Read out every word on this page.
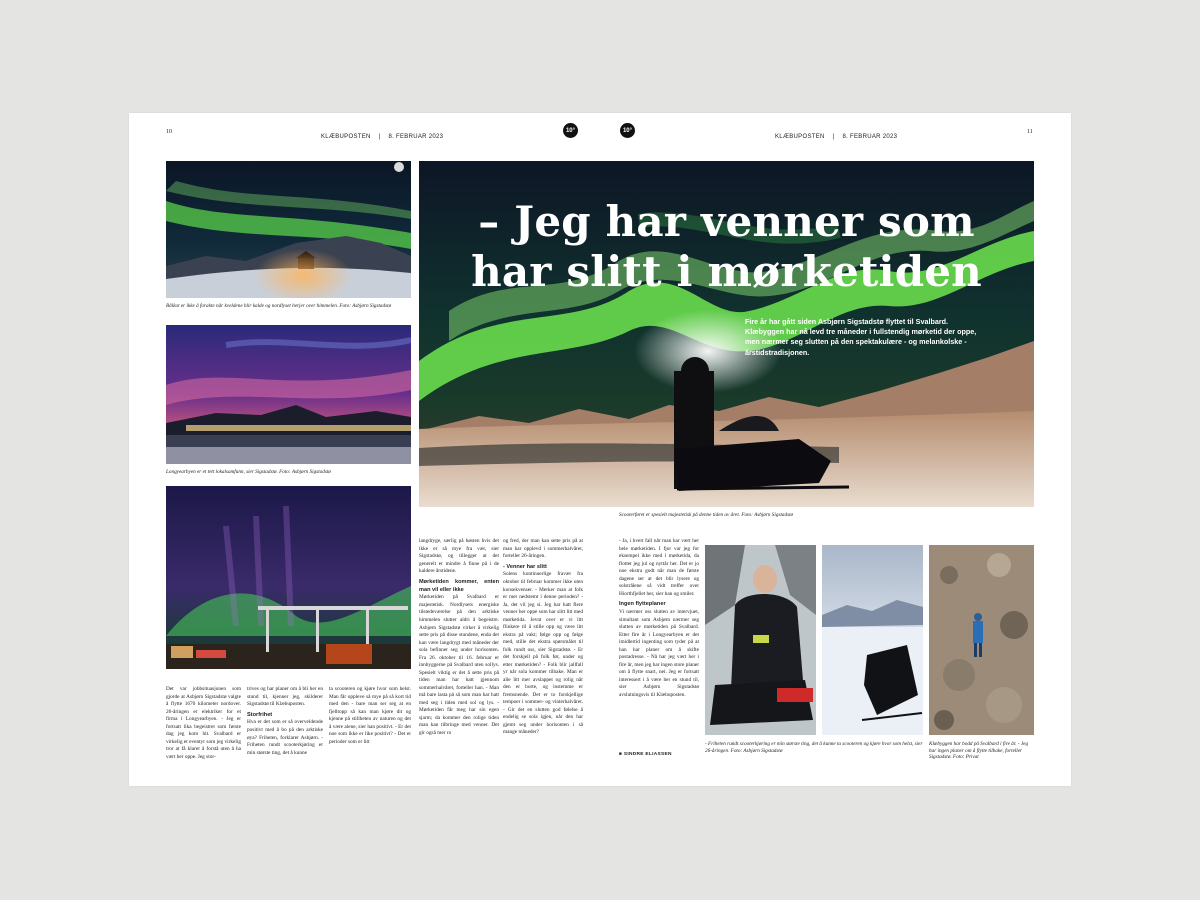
10
KLÆBUPOSTEN | 8. FEBRUAR 2023
10°	10°
KLÆBUPOSTEN | 8. FEBRUAR 2023
11
Bålkot er ikke å forakte når kveldene blir kalde og nordlyset herjer over himmelen. Foto: Asbjørn Sigstadstø
Longyearbyen er et tett lokalsamfunn, sier Sigstadstø. Foto: Asbjørn Sigstadstø
– Jeg har venner som
har slitt i mørketiden
Fire år har gått siden Asbjørn Sigstadstø flyttet til Svalbard. Klæbyggen har nå levd tre måneder i fullstendig mørketid der oppe, men nærmer seg slutten på den spektakulære - og melankolske - årstidstradisjonen.
Scooterføret er spesielt majestetisk på denne tiden av året. Foto: Asbjørn Sigstadstø

Det var jobbsituasjonen som gjorde at Asbjørn Sigstadstø valgte å flytte 1670 kilometer nordover. 26-åringen er elektriker for et firma i Longyearbyen. - Jeg er fortsatt lika begeistret som første dag jeg kom hit. Svalbard er virkelig et eventyr som jeg virkelig tror at få klarer å forstå uten å ha vært her oppe. Jeg stor-

trives og har planer om å bli her en stund til, kjenner jeg, skilderer Sigstadstø til Klæbuposten.

Storfrihet

Hva er det som er så overveldende positivt med å bo på den arktiske øya? Friheten, forklarer Asbjørn. - Friheten rundt scooterkjøring er min største ting, det å kunne

ta scooteren og kjøre hvor som helst. Man får oppleve så mye på så kort tid med den - bare man ser seg at en fjelltopp så kan man kjøre dit og kjenne på stillheten av naturen og det å være alene, sier han positivt. - Er det noe som ikke er like positivt? - Det er perioder som er litt

langdryge, særlig på høsten hvis det ikke er så mye fra vær, sier Sigstadstø, og tillegger at det generelt er mindre å finne på i de kaldere årstidene.

Mørketiden kommer, enten man vil eller ikke

Mørketiden på Svalbard er majestetisk. Nordlysets energiske tilstedeværelse på den arktiske himmelen slutter aldri å begeistre. Asbjørn Sigstadstø virker å virkelig sette pris på disse stundene, enda det kan være langdrygt med måneder der sola befinner seg under horisonten. Fra 26. oktober til 16. februar er innbyggerne på Svalbard uten sollys. Spesielt viktig er det å sette pris på tiden man har hatt gjennom sommerhalvåret, forteller han. - Man må bare lasta på så som man har hatt med seg i tiden med sol og lys. - Mørketiden får meg har sin egen sjarm; da kommer den rolige tiden man kan tilbringe med venner. Det gir også mer ro

og fred, der man kan sette pris på at man har opplevd i sommerhalvåret, forteller 26-åringen.

- Venner har slitt

Solens kontinuerlige fravær fra oktober til februar kommer ikke uten konsekvenser. - Merker man at folk er mer nedstemt i denne perioden? - Ja, det vil jeg si. Jeg har hatt flere venner her oppe som har slitt litt med mørketida. Jevnt over er vi litt flinkere til å stille opp og være litt ekstra på vakt; følge opp og følge med, stille det ekstra spørsmålet til folk rundt oss, sier Sigstadstø. - Er det forskjell på folk før, under og etter mørketiden? - Folk blir jallfall yr når sola kommer tilbake. Man er alle litt mer avslappet og rolig når den er borte, og instemme er fremsnende. Det er to forskjellige tempoer i sommer- og vinterhalvåret. - Gir det en slutten god følelse å endelig se sola igjen, når den har gjemt seg under horisonten i så mange måneder?

- Ja, i hvert fall når man har vært her hele mørketiden. I fjor var jeg for eksempel ikke med i mørketida, da flottet jeg jul og nyttår her. Det er jo noe ekstra godt når man de første dagene ser at det blir lysere og solstrålene så vidt treffer over Hiorthfjellet her, sier han og smiler.

Ingen flytteplaner

Vi nærmer oss slutten av intervjuet, simultant som Asbjørn nærmer seg slutten av mørketiden på Svalbard. Etter fire år i Longyearbyen er det imidlertid ingenting som tyder på at han har planer om å skifte postadresse. - Nå har jeg vært her i fire år, men jeg har ingen store planer om å flytte snart, nei. Jeg er fortsatt interessert i å være her en stund til, sier Asbjørn Sigstadstø avslutningsvis til Klæbuposten.

■ SINDRE ELIASSEN
- Friheten rundt scooterkjøring er min største ting, det å kunne ta scooteren og kjøre hvor som helst, sier 26-åringen. Foto: Asbjørn Sigstadstø
Klæbyggen har bodd på Svalbard i fire år. - Jeg har ingen planer om å flytte tilbake, forteller Sigstadstø. Foto: Privat
